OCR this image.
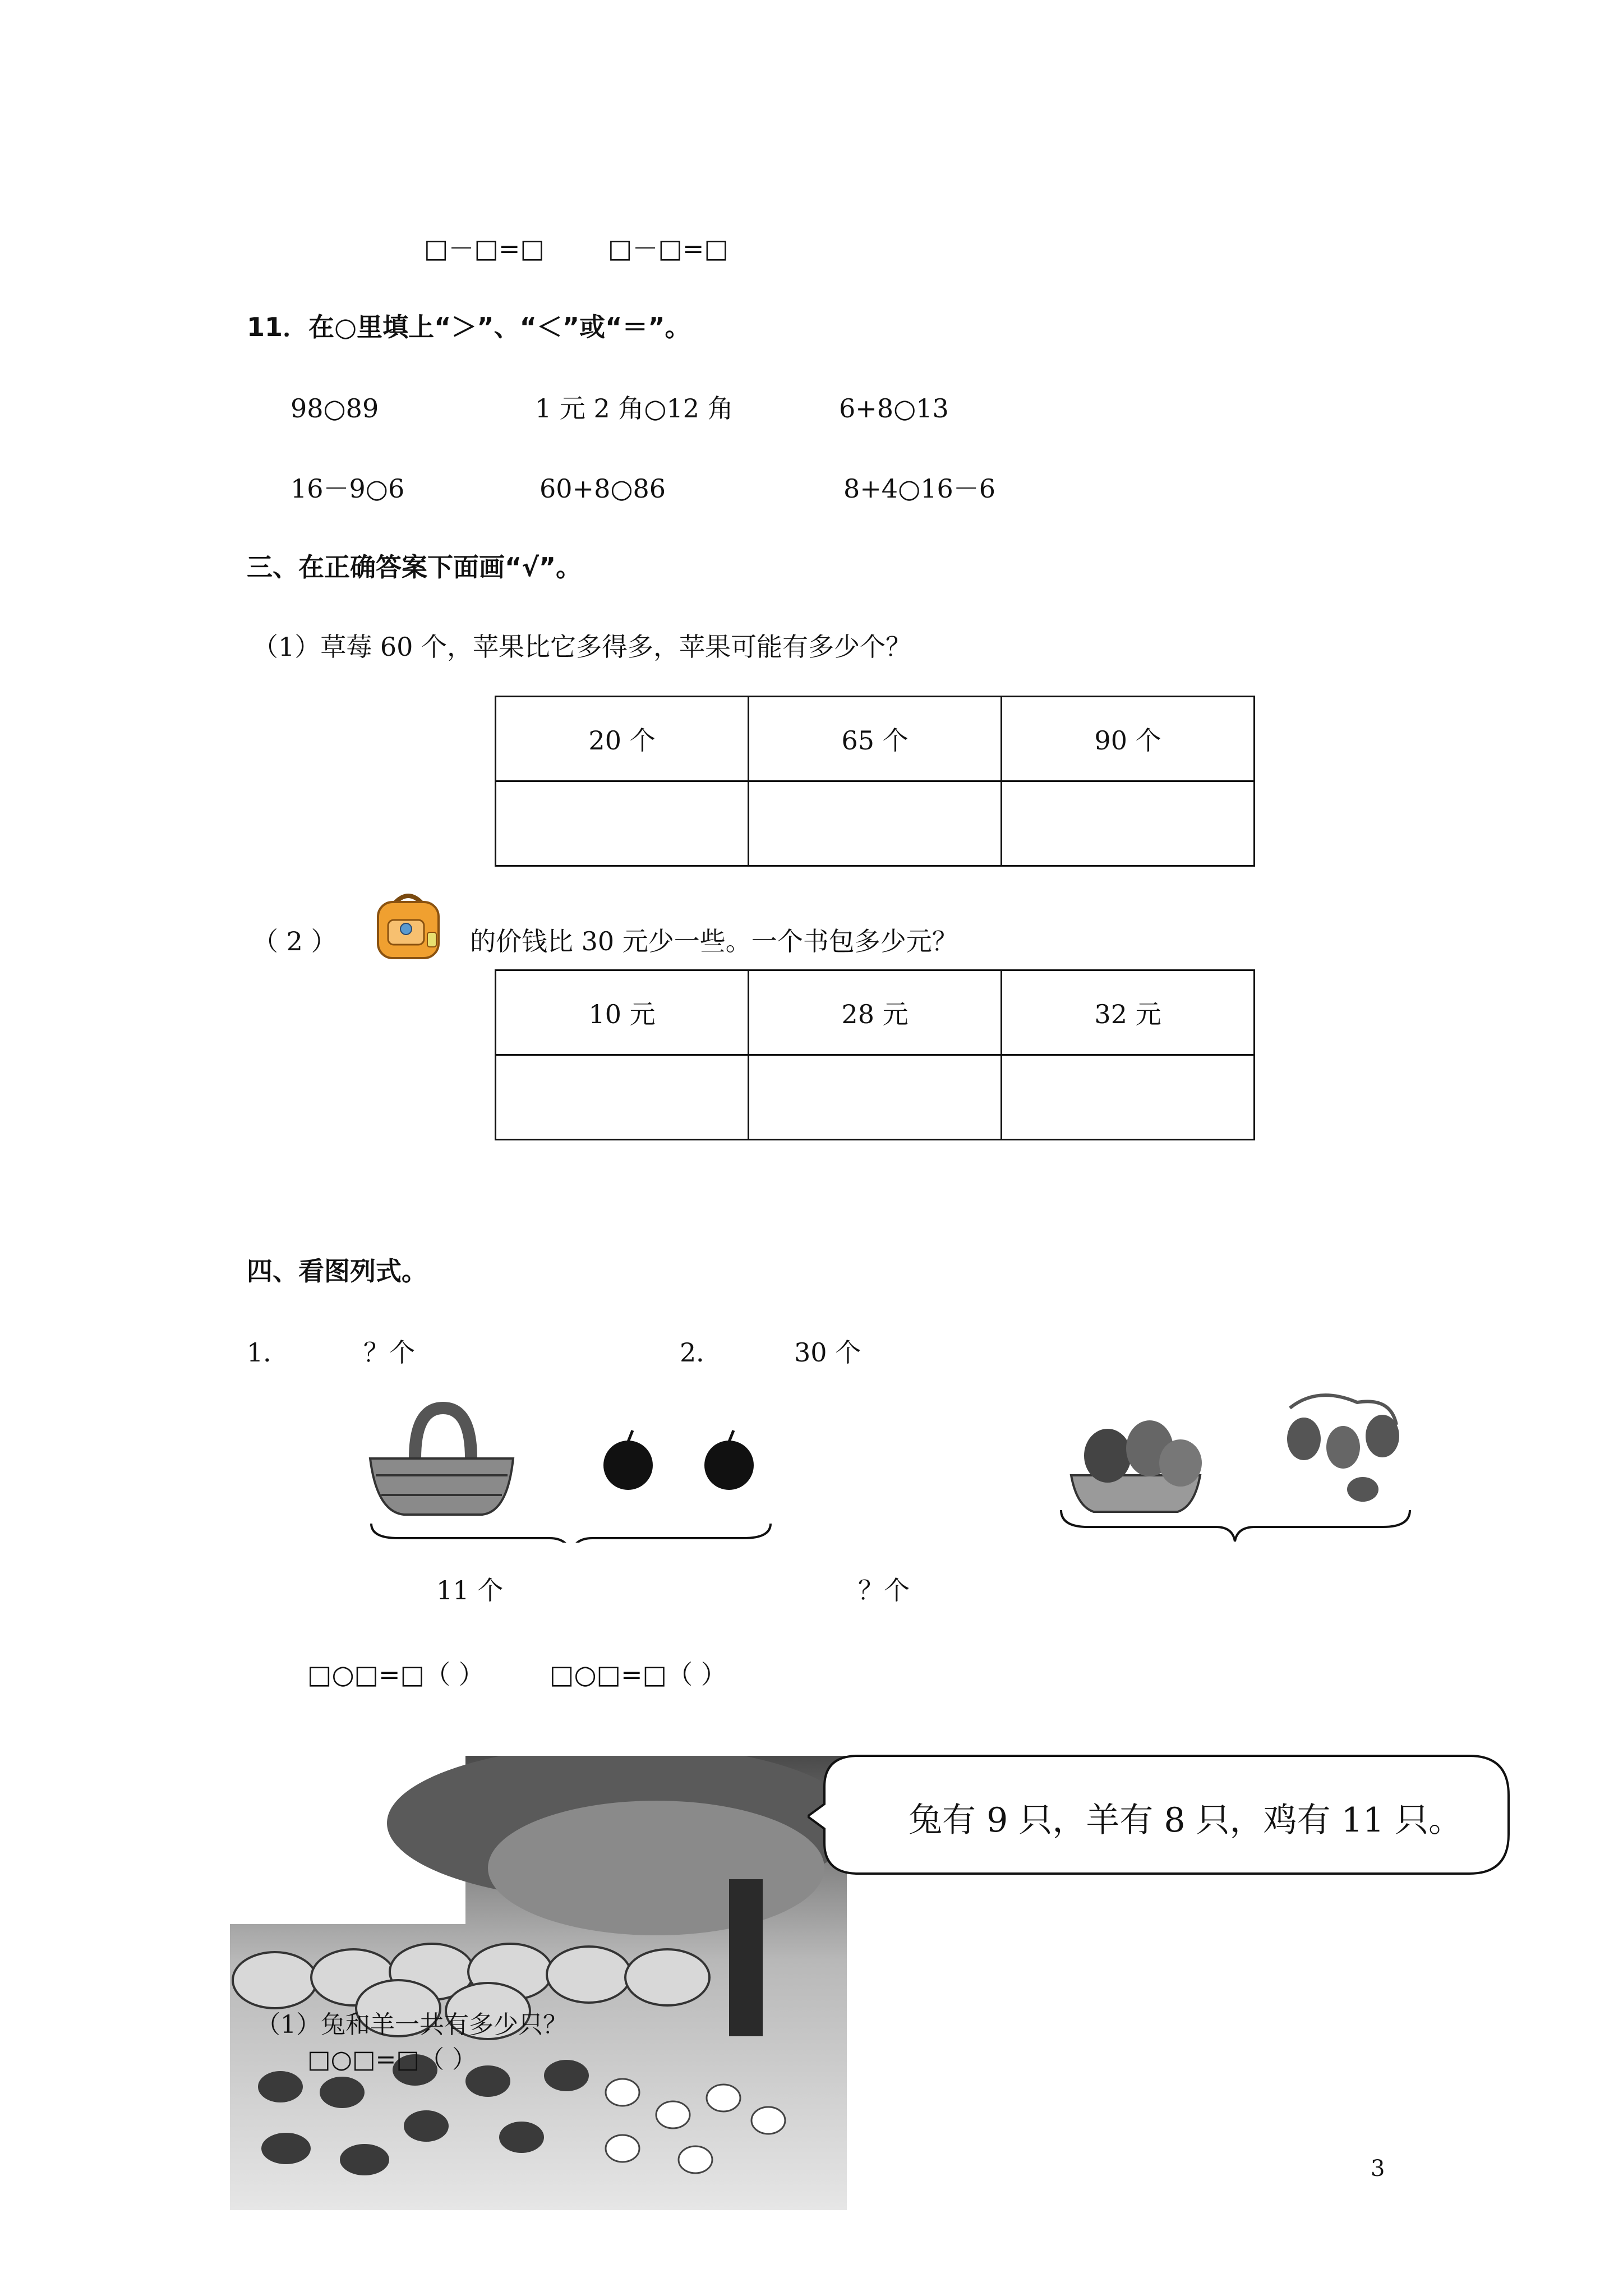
□－□=□ □－□=□
11．在○里填上“＞”、“＜”或“＝”。
98○89	1 元 2 角○12 角	6+8○13
16－9○6	60+8○86	8+4○16－6
三、在正确答案下面画“√”。
（1）草莓 60 个，苹果比它多得多，苹果可能有多少个？
20 个	65 个	90 个

（ 2 ）	的价钱比 30 元少一些。一个书包多少元？
10 元	28 元	32 元

四、看图列式。
1．	？个	2．	30 个
11 个	？个
□○□=□（ ）	□○□=□（ ）
（1）兔和羊一共有多少只？
□○□=□（ ）
兔有 9 只，羊有 8 只，鸡有 11 只。
3
